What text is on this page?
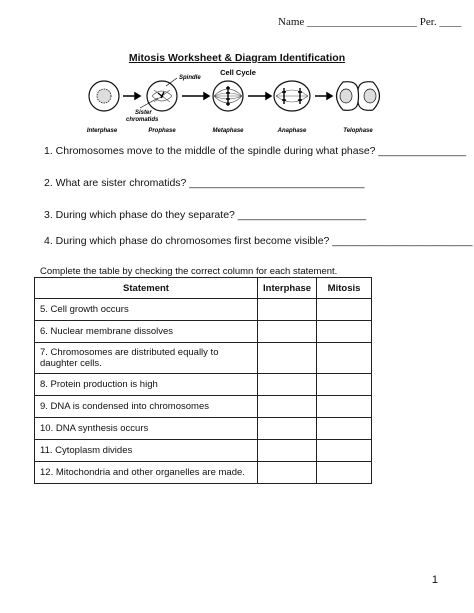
Name ____________________ Per. ____
Mitosis Worksheet & Diagram Identification
Cell Cycle
Spindle
Sister
chromatids
Interphase	Prophase	Metaphase	Anaphase	Telophase
1. Chromosomes move to the middle of the spindle during what phase? _______________
2. What are sister chromatids? ______________________________
3. During which phase do they separate? ______________________
4. During which phase do chromosomes first become visible? ________________________
Complete the table by checking the correct column for each statement.
Statement	Interphase	Mitosis
5. Cell growth occurs		
6. Nuclear membrane dissolves		
7. Chromosomes are distributed equally to daughter cells.		
8. Protein production is high		
9. DNA is condensed into chromosomes		
10. DNA synthesis occurs		
11. Cytoplasm divides		
12. Mitochondria and other organelles are made.		
1
